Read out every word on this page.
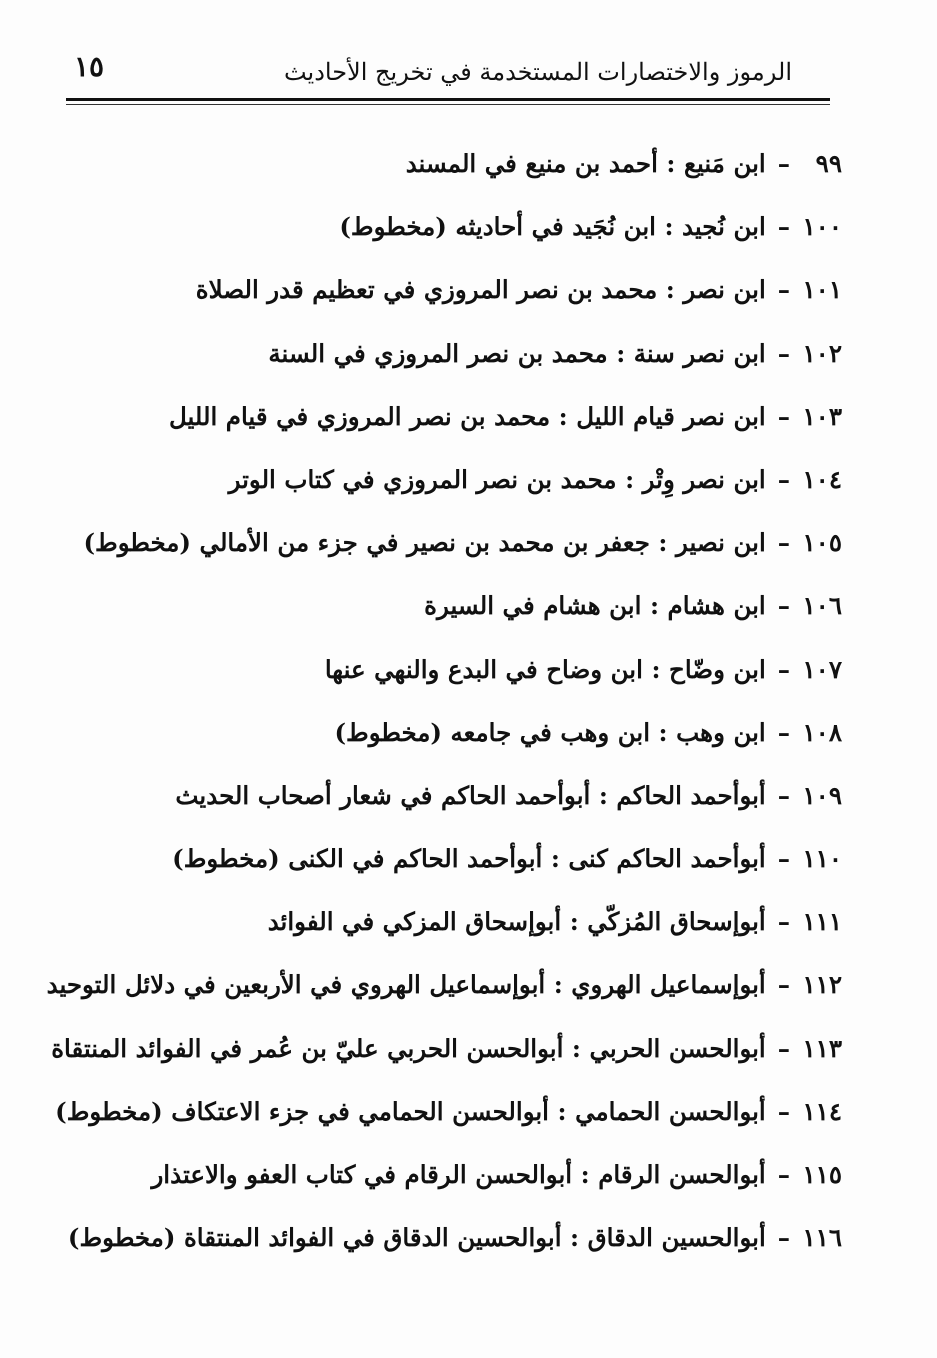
١٥	الرموز والاختصارات المستخدمة في تخريج الأحاديث
٩٩–ابن مَنيع : أحمد بن منيع في المسند
١٠٠–ابن نُجيد : ابن نُجَيد في أحاديثه (مخطوط)
١٠١–ابن نصر : محمد بن نصر المروزي في تعظيم قدر الصلاة
١٠٢–ابن نصر سنة : محمد بن نصر المروزي في السنة
١٠٣–ابن نصر قيام الليل : محمد بن نصر المروزي في قيام الليل
١٠٤–ابن نصر وِتْر : محمد بن نصر المروزي في كتاب الوتر
١٠٥–ابن نصير : جعفر بن محمد بن نصير في جزء من الأمالي (مخطوط)
١٠٦–ابن هشام : ابن هشام في السيرة
١٠٧–ابن وضّاح : ابن وضاح في البدع والنهي عنها
١٠٨–ابن وهب : ابن وهب في جامعه (مخطوط)
١٠٩–أبوأحمد الحاكم : أبوأحمد الحاكم في شعار أصحاب الحديث
١١٠–أبوأحمد الحاكم كنى : أبوأحمد الحاكم في الكنى (مخطوط)
١١١–أبوإسحاق المُزكّي : أبوإسحاق المزكي في الفوائد
١١٢–أبوإسماعيل الهروي : أبوإسماعيل الهروي في الأربعين في دلائل التوحيد
١١٣–أبوالحسن الحربي : أبوالحسن الحربي عليّ بن عُمر في الفوائد المنتقاة
١١٤–أبوالحسن الحمامي : أبوالحسن الحمامي في جزء الاعتكاف (مخطوط)
١١٥–أبوالحسن الرقام : أبوالحسن الرقام في كتاب العفو والاعتذار
١١٦–أبوالحسين الدقاق : أبوالحسين الدقاق في الفوائد المنتقاة (مخطوط)
